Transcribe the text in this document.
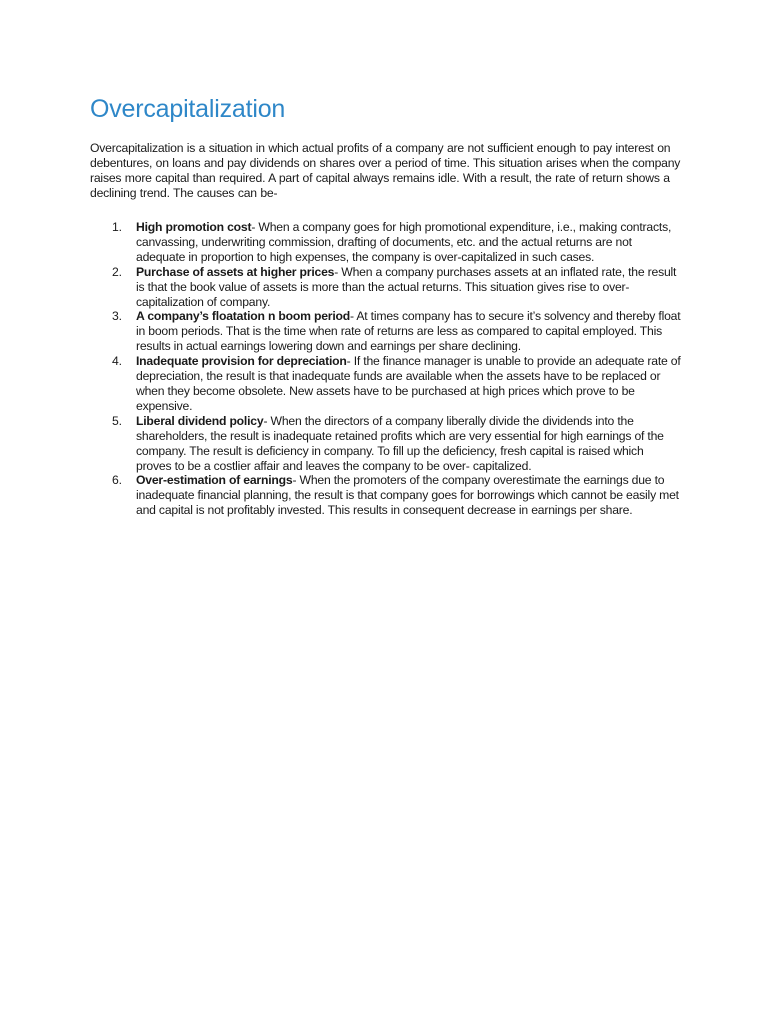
Overcapitalization

Overcapitalization is a situation in which actual profits of a company are not sufficient enough to pay interest on debentures, on loans and pay dividends on shares over a period of time. This situation arises when the company raises more capital than required. A part of capital always remains idle. With a result, the rate of return shows a declining trend. The causes can be-

1. High promotion cost- When a company goes for high promotional expenditure, i.e., making contracts, canvassing, underwriting commission, drafting of documents, etc. and the actual returns are not adequate in proportion to high expenses, the company is over-capitalized in such cases.
2. Purchase of assets at higher prices- When a company purchases assets at an inflated rate, the result is that the book value of assets is more than the actual returns. This situation gives rise to over-capitalization of company.
3. A company’s floatation n boom period- At times company has to secure it’s solvency and thereby float in boom periods. That is the time when rate of returns are less as compared to capital employed. This results in actual earnings lowering down and earnings per share declining.
4. Inadequate provision for depreciation- If the finance manager is unable to provide an adequate rate of depreciation, the result is that inadequate funds are available when the assets have to be replaced or when they become obsolete. New assets have to be purchased at high prices which prove to be expensive.
5. Liberal dividend policy- When the directors of a company liberally divide the dividends into the shareholders, the result is inadequate retained profits which are very essential for high earnings of the company. The result is deficiency in company. To fill up the deficiency, fresh capital is raised which proves to be a costlier affair and leaves the company to be over- capitalized.
6. Over-estimation of earnings- When the promoters of the company overestimate the earnings due to inadequate financial planning, the result is that company goes for borrowings which cannot be easily met and capital is not profitably invested. This results in consequent decrease in earnings per share.
